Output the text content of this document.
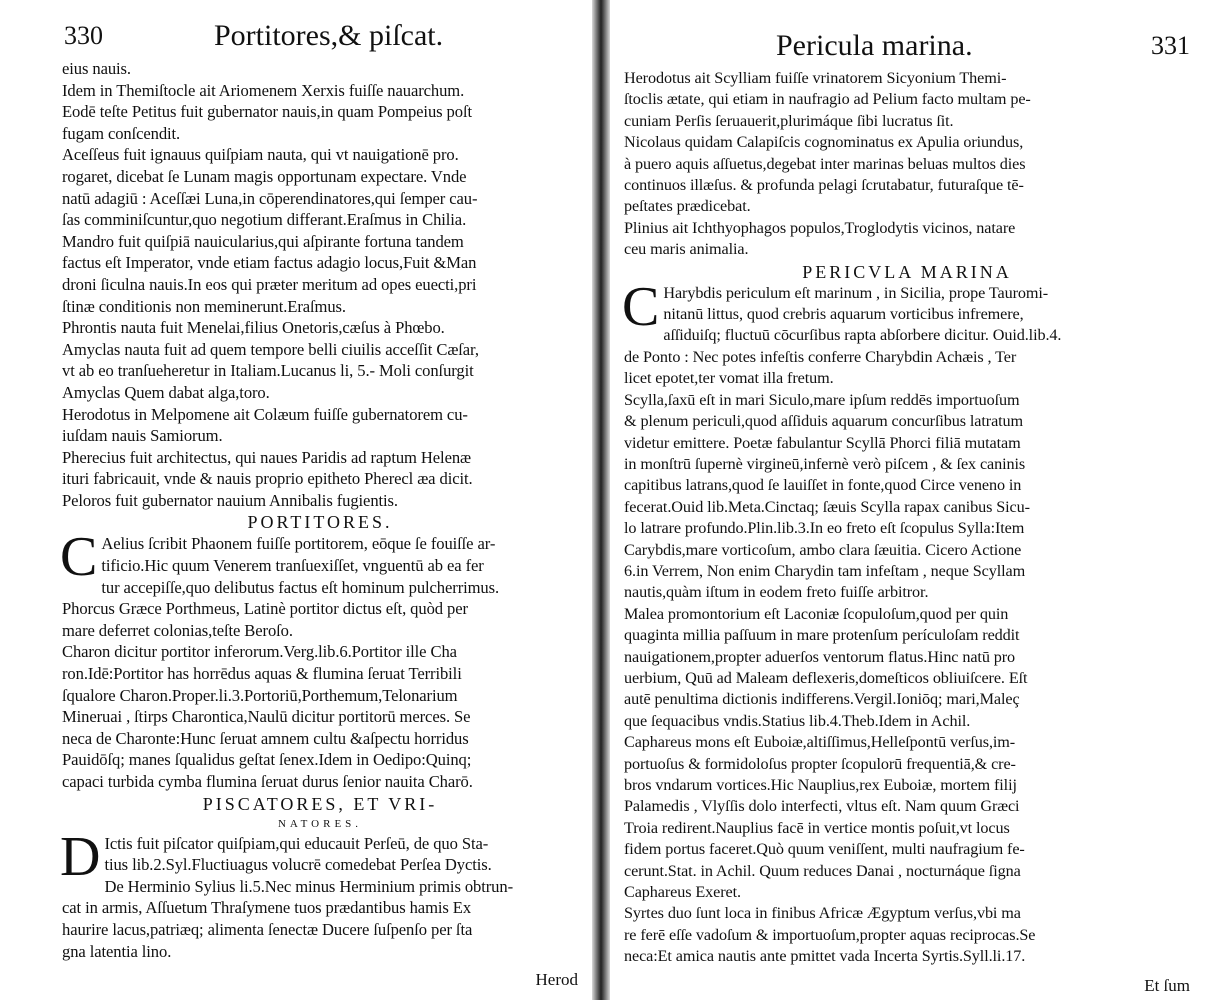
330	Portitores,& piſcat.
eius nauis.
Idem in Themiſtocle ait Ariomenem Xerxis fuiſſe nauarchum.
Eodē teſte Petitus fuit gubernator nauis,in quam Pompeius poſt
fugam conſcendit.
Aceſſeus fuit ignauus quiſpiam nauta, qui vt nauigationē pro.
rogaret, dicebat ſe Lunam magis opportunam expectare. Vnde
natū adagiū : Aceſſæi Luna,in cōperendinatores,qui ſemper cau-
ſas comminiſcuntur,quo negotium differant.Eraſmus in Chilia.
Mandro fuit quiſpiā nauicularius,qui aſpirante fortuna tandem
factus eſt Imperator, vnde etiam factus adagio locus,Fuit &Man
droni ſiculna nauis.In eos qui præter meritum ad opes euecti,pri
ſtinæ conditionis non meminerunt.Eraſmus.
Phrontis nauta fuit Menelai,filius Onetoris,cæſus à Phœbo.
Amyclas nauta fuit ad quem tempore belli ciuilis acceſſit Cæſar,
vt ab eo tranſueheretur in Italiam.Lucanus li, 5.- Moli conſurgit
Amyclas Quem dabat alga,toro.
Herodotus in Melpomene ait Colæum fuiſſe gubernatorem cu-
iuſdam nauis Samiorum.
Pherecius fuit architectus, qui naues Paridis ad raptum Helenæ
ituri fabricauit, vnde & nauis proprio epitheto Pherecl æa dicit.
Peloros fuit gubernator nauium Annibalis fugientis.
PORTITORES.
C Aelius ſcribit Phaonem fuiſſe portitorem, eōque ſe fouiſſe ar-
tificio.Hic quum Venerem tranſuexiſſet, vnguentū ab ea fer
tur accepiſſe,quo delibutus factus eſt hominum pulcherrimus.
Phorcus Græce Porthmeus, Latinè portitor dictus eſt, quòd per
mare deferret colonias,teſte Beroſo.
Charon dicitur portitor inferorum.Verg.lib.6.Portitor ille Cha
ron.Idē:Portitor has horrēdus aquas & flumina ſeruat Terribili
ſqualore Charon.Proper.li.3.Portoriū,Porthemum,Telonarium
Mineruai , ſtirps Charontica,Naulū dicitur portitorū merces. Se
neca de Charonte:Hunc ſeruat amnem cultu &aſpectu horridus
Pauidōſq; manes ſqualidus geſtat ſenex.Idem in Oedipo:Quinq;
capaci turbida cymba flumina ſeruat durus ſenior nauita Charō.
PISCATORES, ET VRI-
NATORES.
D Ictis fuit piſcator quiſpiam,qui educauit Perſeū, de quo Sta-
tius lib.2.Syl.Fluctiuagus volucrē comedebat Perſea Dyctis.
De Herminio Sylius li.5.Nec minus Herminium primis obtrun-
cat in armis, Aſſuetum Thraſymene tuos prædantibus hamis Ex
haurire lacus,patriæq; alimenta ſenectæ Ducere ſuſpenſo per ſta
gna latentia lino.
Herod
Pericula marina.	331
Herodotus ait Scylliam fuiſſe vrinatorem Sicyonium Themi-
ſtoclis ætate, qui etiam in naufragio ad Pelium facto multam pe-
cuniam Perſis ſeruauerit,plurimáque ſibi lucratus ſit.
Nicolaus quidam Calapiſcis cognominatus ex Apulia oriundus,
à puero aquis aſſuetus,degebat inter marinas beluas multos dies
continuos illæſus. & profunda pelagi ſcrutabatur, futuraſque tē-
peſtates prædicebat.
Plinius ait Ichthyophagos populos,Troglodytis vicinos, natare
ceu maris animalia.
PERICVLA MARINA
C Harybdis periculum eſt marinum , in Sicilia, prope Tauromi-
nitanū littus, quod crebris aquarum vorticibus infremere,
aſſiduiſq; fluctuū cōcurſibus rapta abſorbere dicitur. Ouid.lib.4.
de Ponto : Nec potes infeſtis conferre Charybdin Achæis , Ter
licet epotet,ter vomat illa fretum.
Scylla,ſaxū eſt in mari Siculo,mare ipſum reddēs importuoſum
& plenum periculi,quod aſſiduis aquarum concurſibus latratum
videtur emittere. Poetæ fabulantur Scyllā Phorci filiā mutatam
in monſtrū ſupernè virgineū,infernè verò piſcem , & ſex caninis
capitibus latrans,quod ſe lauiſſet in fonte,quod Circe veneno in
fecerat.Ouid lib.Meta.Cinctaq; ſæuis Scylla rapax canibus Sicu-
lo latrare profundo.Plin.lib.3.In eo freto eſt ſcopulus Sylla:Item
Carybdis,mare vorticoſum, ambo clara ſæuitia. Cicero Actione
6.in Verrem, Non enim Charydin tam infeſtam , neque Scyllam
nautis,quàm iſtum in eodem freto fuiſſe arbitror.
Malea promontorium eſt Laconiæ ſcopuloſum,quod per quin
quaginta millia paſſuum in mare protenſum perículoſam reddit
nauigationem,propter aduerſos ventorum flatus.Hinc natū pro
uerbium, Quū ad Maleam deflexeris,domeſticos obliuiſcere. Eſt
autē penultima dictionis indifferens.Vergil.Ioniōq; mari,Maleç
que ſequacibus vndis.Statius lib.4.Theb.Idem in Achil.
Caphareus mons eſt Euboiæ,altiſſimus,Helleſpontū verſus,im-
portuoſus & formidoloſus propter ſcopulorū frequentiā,& cre-
bros vndarum vortices.Hic Nauplius,rex Euboiæ, mortem filij
Palamedis , Vlyſſis dolo interfecti, vltus eſt. Nam quum Græci
Troia redirent.Nauplius facē in vertice montis poſuit,vt locus
fidem portus faceret.Quò quum veniſſent, multi naufragium fe-
cerunt.Stat. in Achil. Quum reduces Danai , nocturnáque ſigna
Caphareus Exeret.
Syrtes duo ſunt loca in finibus Africæ Ægyptum verſus,vbi ma
re ferē eſſe vadoſum & importuoſum,propter aquas reciprocas.Se
neca:Et amica nautis ante pmittet vada Incerta Syrtis.Syll.li.17.
Et ſum
